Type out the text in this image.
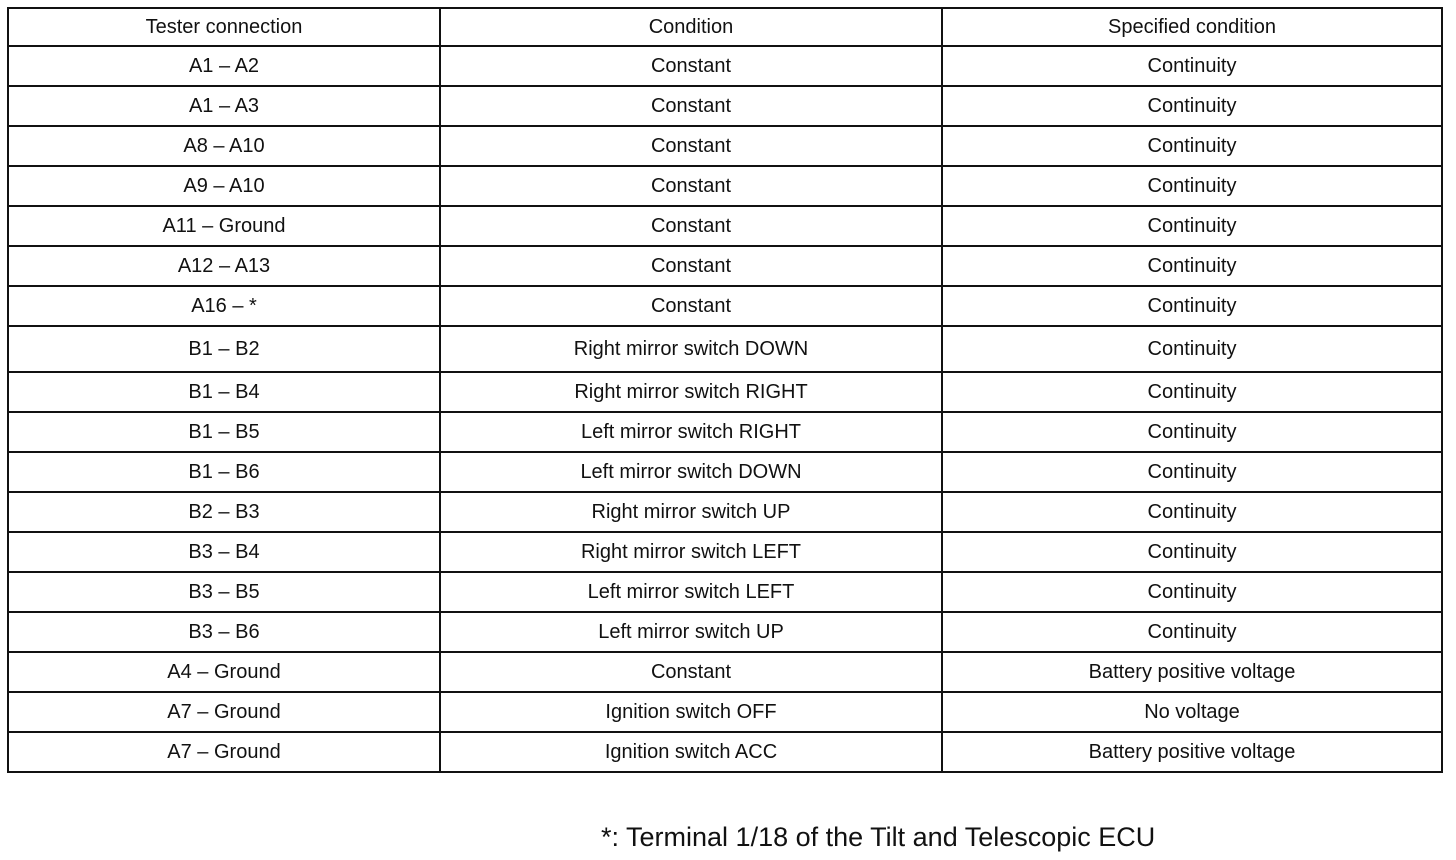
Tester connection	Condition	Specified condition
A1 – A2	Constant	Continuity
A1 – A3	Constant	Continuity
A8 – A10	Constant	Continuity
A9 – A10	Constant	Continuity
A11 – Ground	Constant	Continuity
A12 – A13	Constant	Continuity
A16 – *	Constant	Continuity
B1 – B2	Right mirror switch DOWN	Continuity
B1 – B4	Right mirror switch RIGHT	Continuity
B1 – B5	Left mirror switch RIGHT	Continuity
B1 – B6	Left mirror switch DOWN	Continuity
B2 – B3	Right mirror switch UP	Continuity
B3 – B4	Right mirror switch LEFT	Continuity
B3 – B5	Left mirror switch LEFT	Continuity
B3 – B6	Left mirror switch UP	Continuity
A4 – Ground	Constant	Battery positive voltage
A7 – Ground	Ignition switch OFF	No voltage
A7 – Ground	Ignition switch ACC	Battery positive voltage
*: Terminal 1/18 of the Tilt and Telescopic ECU
